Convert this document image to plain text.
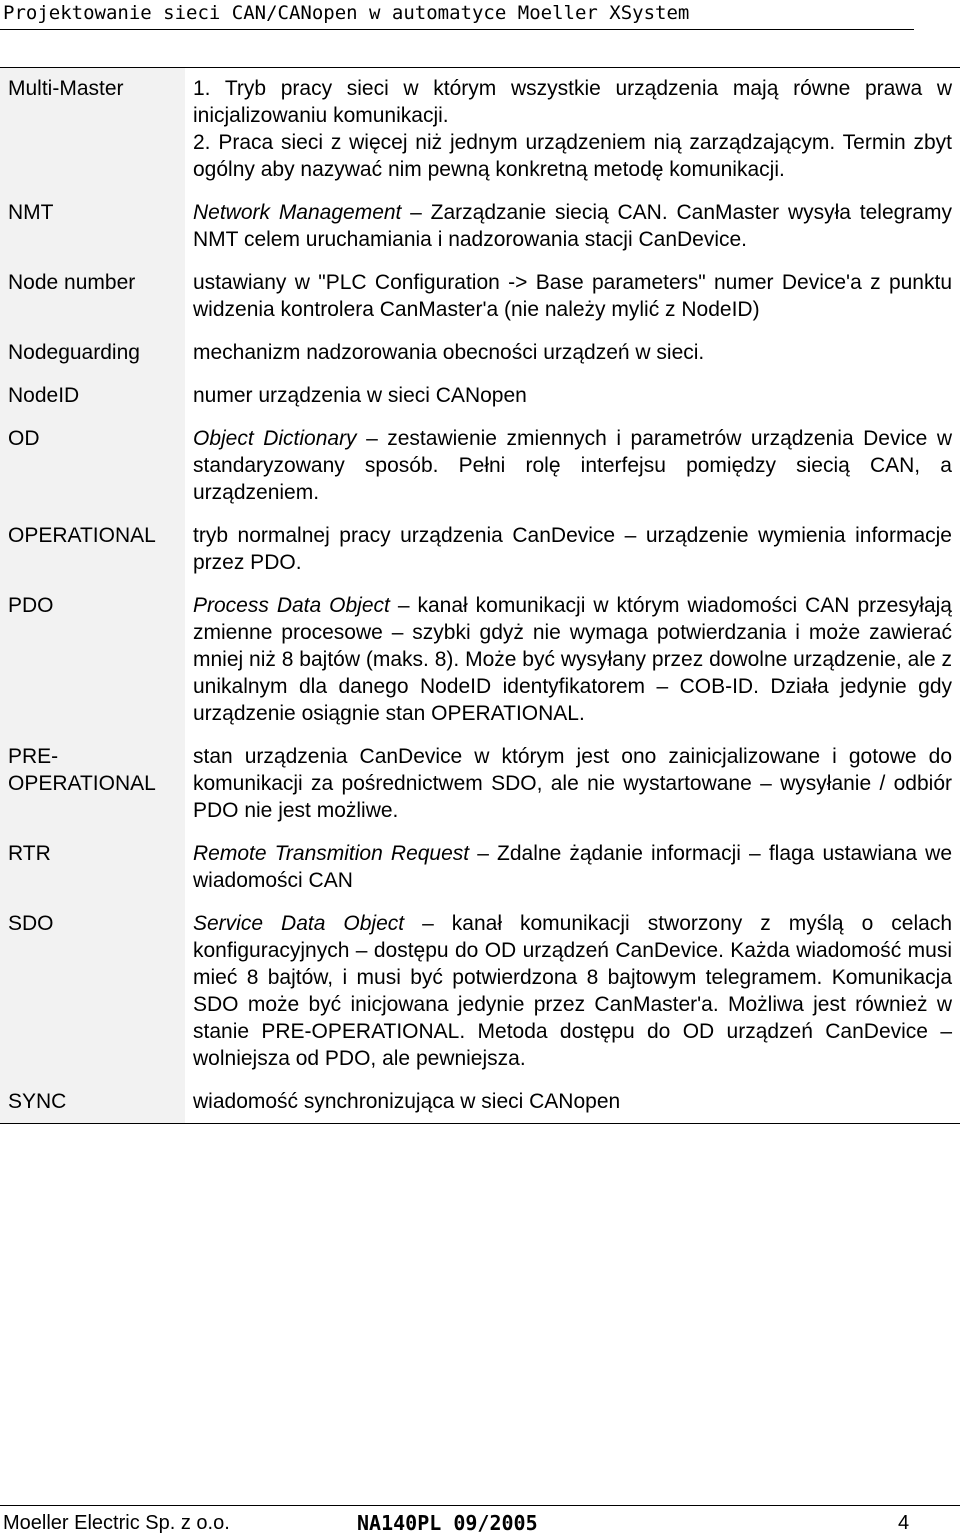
Projektowanie sieci CAN/CANopen w automatyce Moeller XSystem
Multi-Master	1. Tryb pracy sieci w którym wszystkie urządzenia mają równe prawa w inicjalizowaniu komunikacji.
2. Praca sieci z więcej niż jednym urządzeniem nią zarządzającym. Termin zbyt ogólny aby nazywać nim pewną konkretną metodę komunikacji.

NMT	Network Management – Zarządzanie siecią CAN. CanMaster wysyła telegramy NMT celem uruchamiania i nadzorowania stacji CanDevice.
Node number	ustawiany w "PLC Configuration -> Base parameters" numer Device'a z punktu widzenia kontrolera CanMaster'a (nie należy mylić z NodeID)
Nodeguarding	mechanizm nadzorowania obecności urządzeń w sieci.
NodeID	numer urządzenia w sieci CANopen
OD	Object Dictionary – zestawienie zmiennych i parametrów urządzenia Device w standaryzowany sposób. Pełni rolę interfejsu pomiędzy siecią CAN, a urządzeniem.
OPERATIONAL	tryb normalnej pracy urządzenia CanDevice – urządzenie wymienia informacje przez PDO.
PDO	Process Data Object – kanał komunikacji w którym wiadomości CAN przesyłają zmienne procesowe – szybki gdyż nie wymaga potwierdzania i może zawierać mniej niż 8 bajtów (maks. 8). Może być wysyłany przez dowolne urządzenie, ale z unikalnym dla danego NodeID identyfikatorem – COB-ID. Działa jedynie gdy urządzenie osiągnie stan OPERATIONAL.

PRE-
OPERATIONAL	stan urządzenia CanDevice w którym jest ono zainicjalizowane i gotowe do komunikacji za pośrednictwem SDO, ale nie wystartowane – wysyłanie / odbiór PDO nie jest możliwe.
RTR	Remote Transmition Request – Zdalne żądanie informacji – flaga ustawiana we wiadomości CAN
SDO	Service Data Object – kanał komunikacji stworzony z myślą o celach konfiguracyjnych – dostępu do OD urządzeń CanDevice. Każda wiadomość musi mieć 8 bajtów, i musi być potwierdzona 8 bajtowym telegramem. Komunikacja SDO może być inicjowana jedynie przez CanMaster'a. Możliwa jest również w stanie PRE-OPERATIONAL. Metoda dostępu do OD urządzeń CanDevice – wolniejsza od PDO, ale pewniejsza.
SYNC	wiadomość synchronizująca w sieci CANopen
Moeller Electric Sp. z o.o.	NA140PL 09/2005	4
